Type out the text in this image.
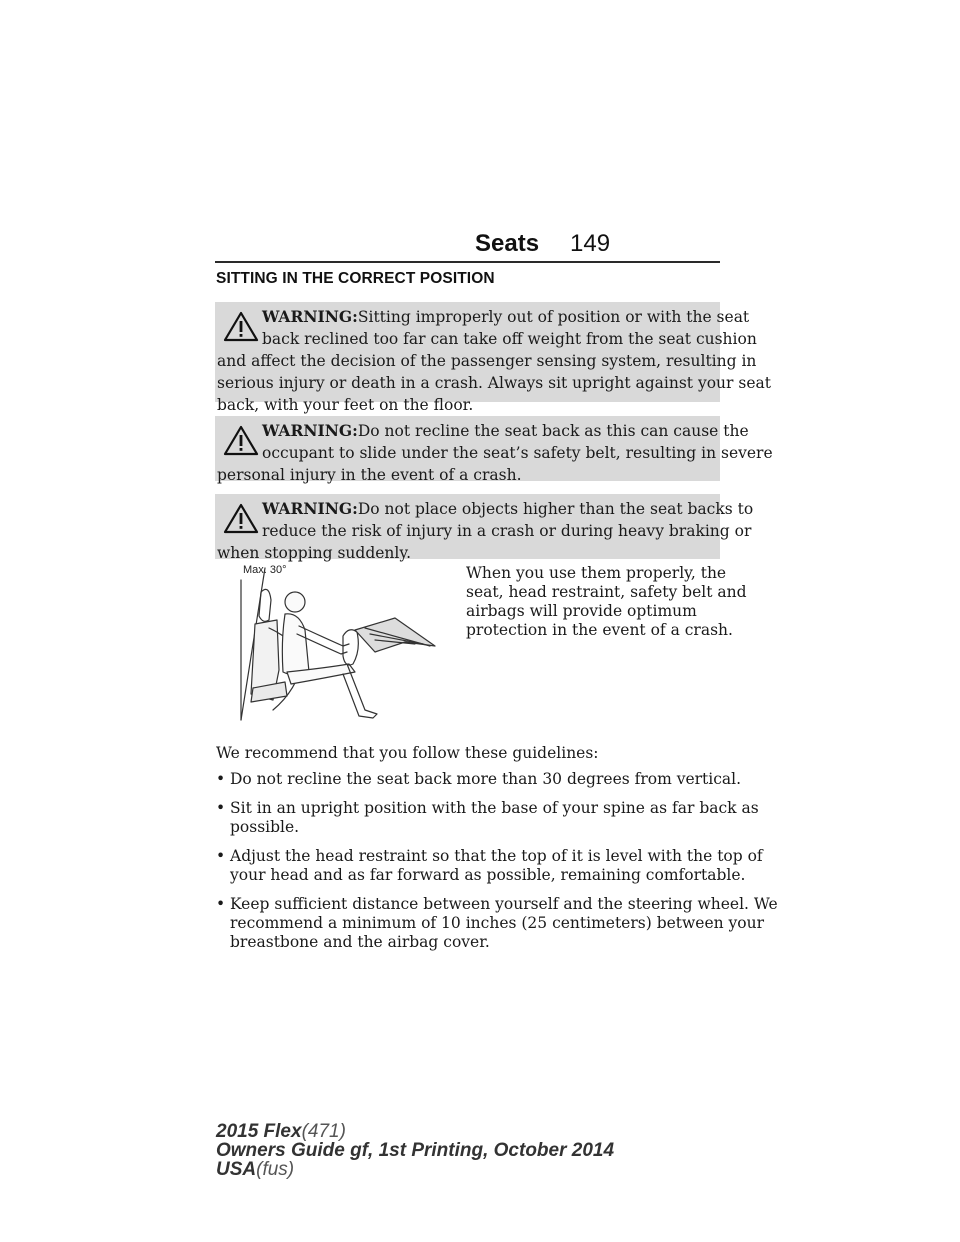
Seats 149
SITTING IN THE CORRECT POSITION
WARNING:Sitting improperly out of position or with the seat
back reclined too far can take off weight from the seat cushion
and affect the decision of the passenger sensing system, resulting in
serious injury or death in a crash. Always sit upright against your seat
back, with your feet on the floor.
WARNING:Do not recline the seat back as this can cause the
occupant to slide under the seat’s safety belt, resulting in severe
personal injury in the event of a crash.
WARNING:Do not place objects higher than the seat backs to
reduce the risk of injury in a crash or during heavy braking or
when stopping suddenly.
Max. 30°	When you use them properly, the
seat, head restraint, safety belt and
airbags will provide optimum
protection in the event of a crash.
We recommend that you follow these guidelines:
• Do not recline the seat back more than 30 degrees from vertical.
• Sit in an upright position with the base of your spine as far back as
possible.
• Adjust the head restraint so that the top of it is level with the top of
your head and as far forward as possible, remaining comfortable.
• Keep sufficient distance between yourself and the steering wheel. We
recommend a minimum of 10 inches (25 centimeters) between your
breastbone and the airbag cover.
2015 Flex(471)
Owners Guide gf, 1st Printing, October 2014
USA(fus)
